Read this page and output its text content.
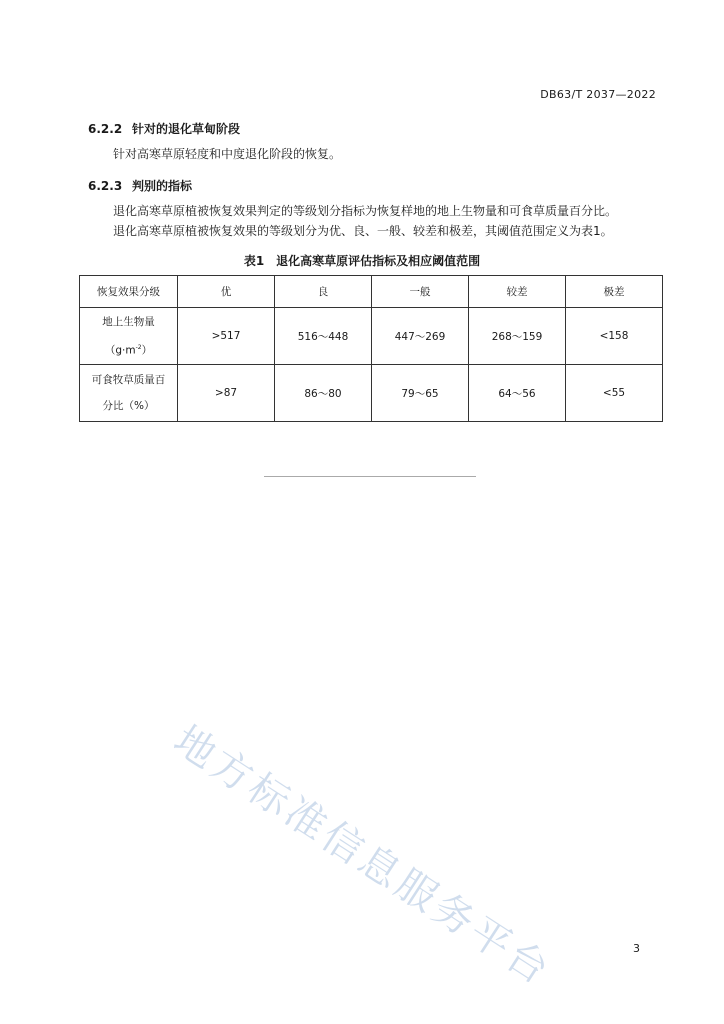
DB63/T 2037—2022
6.2.2 针对的退化草甸阶段
针对高寒草原轻度和中度退化阶段的恢复。
6.2.3 判别的指标
退化高寒草原植被恢复效果判定的等级划分指标为恢复样地的地上生物量和可食草质量百分比。
退化高寒草原植被恢复效果的等级划分为优、良、一般、较差和极差，其阈值范围定义为表1。
表1 退化高寒草原评估指标及相应阈值范围
恢复效果分级	优	良	一般	较差	极差

地上生物量
$(g\cdot m^{-2})$	>517	516～448	447～269	268～159	<158

可食牧草质量百
分比（%）	>87	86～80	79～65	64～56	<55
地方标准信息服务平台	3
